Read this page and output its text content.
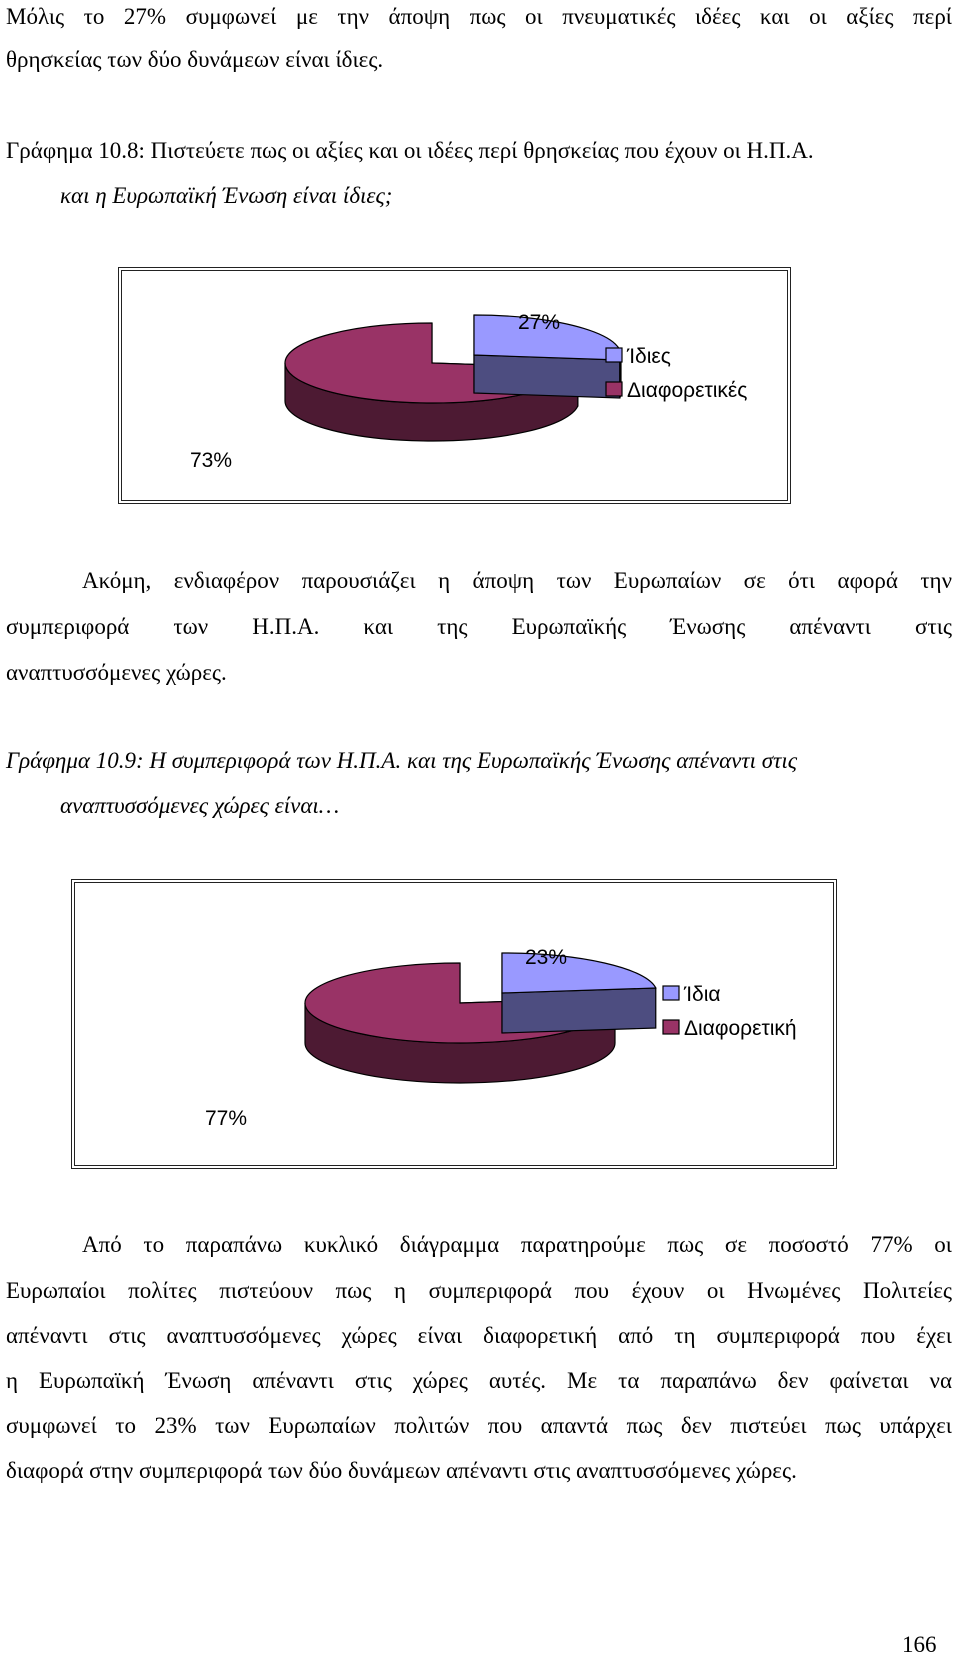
Μόλις το 27% συμφωνεί με την άποψη πως οι πνευματικές ιδέες και οι αξίες περί
θρησκείας των δύο δυνάμεων είναι ίδιες.
Γράφημα 10.8: Πιστεύετε πως οι αξίες και οι ιδέες περί θρησκείας που έχουν οι Η.Π.Α.
και η Ευρωπαϊκή Ένωση είναι ίδιες;
27%
73%
Ίδιες
Διαφορετικές
Ακόμη, ενδιαφέρον παρουσιάζει η άποψη των Ευρωπαίων σε ότι αφορά την
συμπεριφορά των Η.Π.Α. και της Ευρωπαϊκής Ένωσης απέναντι στις
αναπτυσσόμενες χώρες.
Γράφημα 10.9: Η συμπεριφορά των Η.Π.Α. και της Ευρωπαϊκής Ένωσης απέναντι στις
αναπτυσσόμενες χώρες είναι…
23%
77%
Ίδια
Διαφορετική
Από το παραπάνω κυκλικό διάγραμμα παρατηρούμε πως σε ποσοστό 77% οι
Ευρωπαίοι πολίτες πιστεύουν πως η συμπεριφορά που έχουν οι Ηνωμένες Πολιτείες
απέναντι στις αναπτυσσόμενες χώρες είναι διαφορετική από τη συμπεριφορά που έχει
η Ευρωπαϊκή Ένωση απέναντι στις χώρες αυτές. Με τα παραπάνω δεν φαίνεται να
συμφωνεί το 23% των Ευρωπαίων πολιτών που απαντά πως δεν πιστεύει πως υπάρχει
διαφορά στην συμπεριφορά των δύο δυνάμεων απέναντι στις αναπτυσσόμενες χώρες.
166
